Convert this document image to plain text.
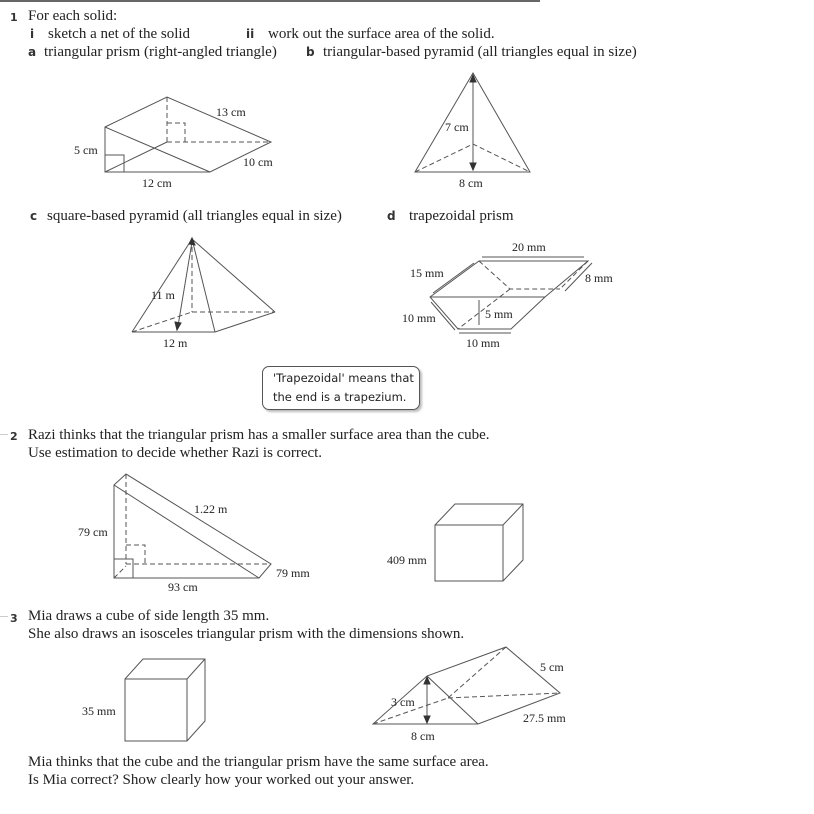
1 For each solid:
i sketch a net of the solid	ii work out the surface area of the solid.
a triangular prism (right-angled triangle) b triangular-based pyramid (all triangles equal in size)
13 cm
5 cm
10 cm
12 cm
7 cm
8 cm
c square-based pyramid (all triangles equal in size)	d trapezoidal prism
11 m
12 m
20 mm
15 mm	8 mm
10 mm	5 mm
10 mm
'Trapezoidal' means that
the end is a trapezium.
2 Razi thinks that the triangular prism has a smaller surface area than the cube.
Use estimation to decide whether Razi is correct.
1.22 m
79 cm
79 mm
93 cm
409 mm
3 Mia draws a cube of side length 35 mm.
She also draws an isosceles triangular prism with the dimensions shown.
35 mm
5 cm
3 cm
27.5 mm
8 cm
Mia thinks that the cube and the triangular prism have the same surface area.
Is Mia correct? Show clearly how your worked out your answer.
